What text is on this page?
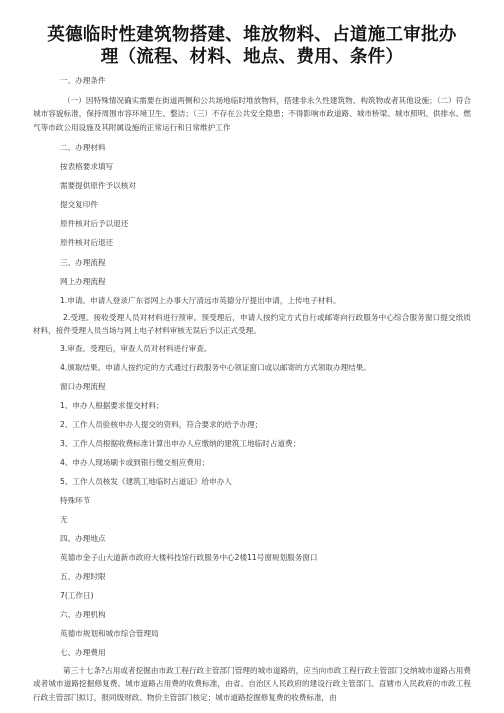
英德临时性建筑物搭建、堆放物料、占道施工审批办
理（流程、材料、地点、费用、条件）
一、办理条件
（一）因特殊情况确实需要在街道两侧和公共场地临时堆放物料，搭建非永久性建筑物、构筑物或者其他设施；（二）符合城市容貌标准，保持周围市容环境卫生、整洁；（三）不存在公共安全隐患；不得影响市政道路、城市桥梁、城市照明、供排水、燃气等市政公用设施及其附属设施的正常运行和日常维护工作
二、办理材料
按表格要求填写
需要提供原件予以核对
提交复印件
原件核对后予以退还
原件核对后退还
三、办理流程
网上办理流程
1.申请。申请人登录广东省网上办事大厅清远市英德分厅提出申请，上传电子材料。
2.受理。接收受理人员对材料进行预审。预受理后，申请人按约定方式自行或邮寄向行政服务中心综合服务窗口提交纸质材料，接件受理人员当场与网上电子材料审核无误后予以正式受理。
3.审查。受理后，审查人员对材料进行审查。
4.颁取结果。申请人按约定的方式通过行政服务中心领证窗口或以邮寄的方式领取办理结果。
窗口办理流程
1、申办人根据要求提交材料；
2、工作人员验核申办人提交的资料，符合要求的给予办理；
3、工作人员根据收费标准计算出申办人应缴纳的建筑工地临时占道费；
4、申办人现场刷卡或到银行缴交相应费用；
5、工作人员核发《建筑工地临时占道证》给申办人
特殊环节
无
四、办理地点
英德市金子山大道新市政府大楼科技馆行政服务中心2楼11号窗规划服务窗口
五、办理时限
7(工作日)
六、办理机构
英德市规划和城市综合管理局
七、办理费用
第三十七条?占用或者挖掘由市政工程行政主管部门管理的城市道路的，应当向市政工程行政主管部门交纳城市道路占用费或者城市道路挖掘修复费。城市道路占用费的收费标准，由省、自治区人民政府的建设行政主管部门、直辖市人民政府的市政工程行政主管部门拟订，报同级财政、物价主管部门核定；城市道路挖掘修复费的收费标准，由
